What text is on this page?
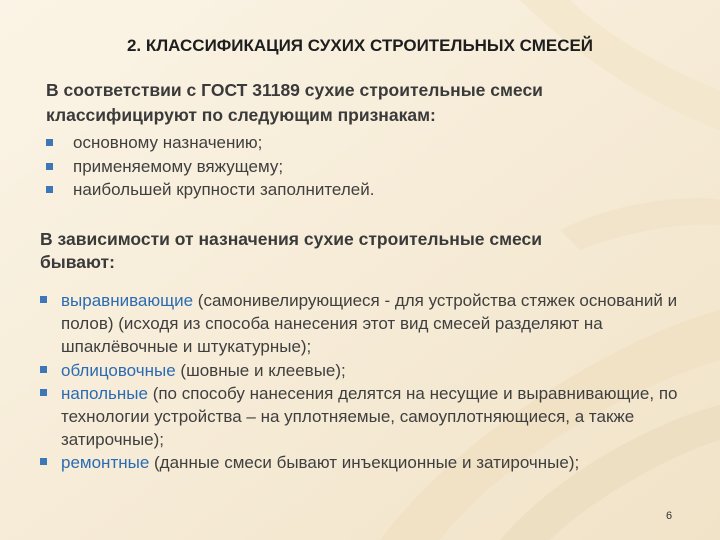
2. КЛАССИФИКАЦИЯ СУХИХ СТРОИТЕЛЬНЫХ СМЕСЕЙ
В соответствии с ГОСТ 31189 сухие строительные смеси
классифицируют по следующим признакам:
основному назначению;
применяемому вяжущему;
наибольшей крупности заполнителей.
В зависимости от назначения сухие строительные смеси
бывают:
выравнивающие (самонивелирующиеся - для устройства стяжек оснований и полов) (исходя из способа нанесения этот вид смесей разделяют на шпаклёвочные и штукатурные);
облицовочные (шовные и клеевые);
напольные (по способу нанесения делятся на несущие и выравнивающие, по технологии устройства – на уплотняемые, самоуплотняющиеся, а также затирочные);
ремонтные (данные смеси бывают инъекционные и затирочные);
6
